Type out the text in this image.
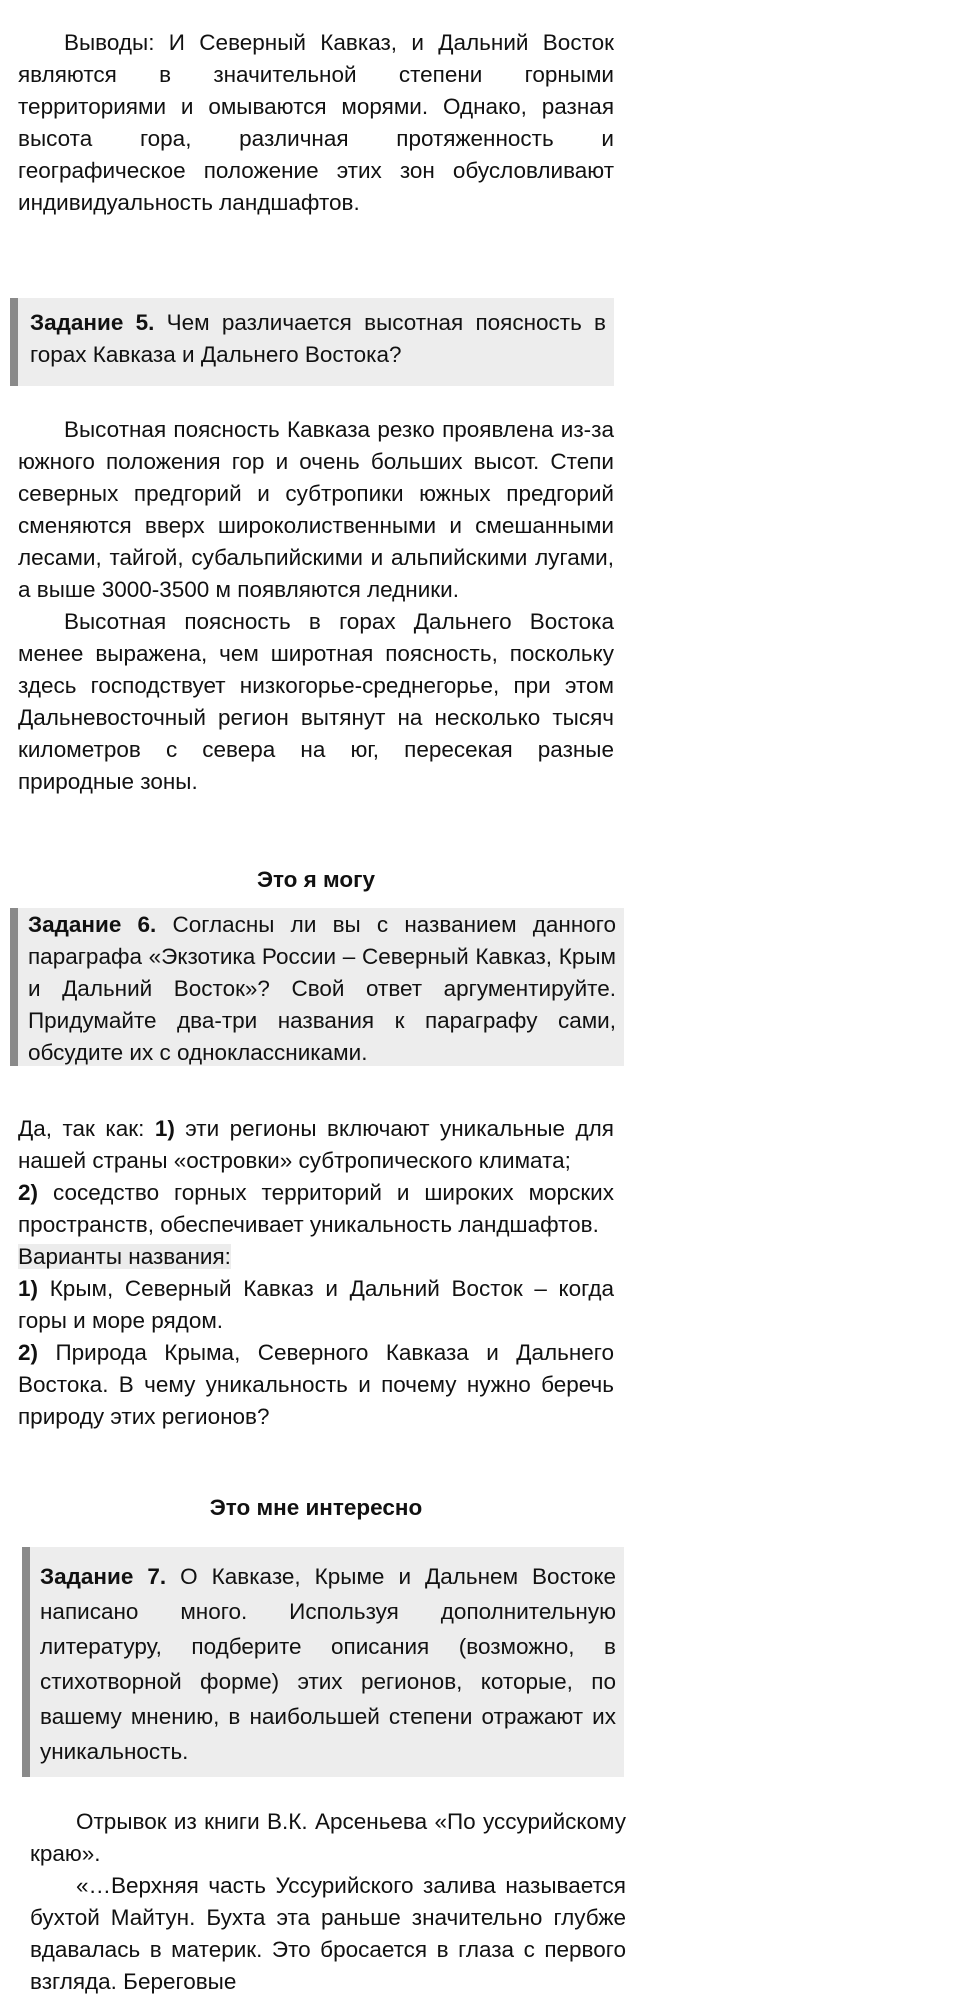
Выводы: И Северный Кавказ, и Дальний Восток являются в значительной степени горными территориями и омываются морями. Однако, разная высота гора, различная протяженность и географическое положение этих зон обусловливают индивидуальность ландшафтов.

Задание 5. Чем различается высотная поясность в горах Кавказа и Дальнего Востока?

Высотная поясность Кавказа резко проявлена из-за южного положения гор и очень больших высот. Степи северных предгорий и субтропики южных предгорий сменяются вверх широколиственными и смешанными лесами, тайгой, субальпийскими и альпийскими лугами, а выше 3000-3500 м появляются ледники.

Высотная поясность в горах Дальнего Востока менее выражена, чем широтная поясность, поскольку здесь господствует низкогорье-среднегорье, при этом Дальневосточный регион вытянут на несколько тысяч километров с севера на юг, пересекая разные природные зоны.

Это я могу
Задание 6. Согласны ли вы с названием данного параграфа «Экзотика России – Северный Кавказ, Крым и Дальний Восток»? Свой ответ аргументируйте. Придумайте два-три названия к параграфу сами, обсудите их с одноклассниками.

Да, так как: 1) эти регионы включают уникальные для нашей страны «островки» субтропического климата;
2) соседство горных территорий и широких морских пространств, обеспечивает уникальность ландшафтов.

Варианты названия:

1) Крым, Северный Кавказ и Дальний Восток – когда горы и море рядом.

2) Природа Крыма, Северного Кавказа и Дальнего Востока. В чему уникальность и почему нужно беречь природу этих регионов?

Это мне интересно
Задание 7. О Кавказе, Крыме и Дальнем Востоке написано много. Используя дополнительную литературу, подберите описания (возможно, в стихотворной форме) этих регионов, которые, по вашему мнению, в наибольшей степени отражают их уникальность.

Отрывок из книги В.К. Арсеньева «По уссурийскому краю».

«…Верхняя часть Уссурийского залива называется бухтой Майтун. Бухта эта раньше значительно глубже вдавалась в материк. Это бросается в глаза с первого взгляда. Береговые
